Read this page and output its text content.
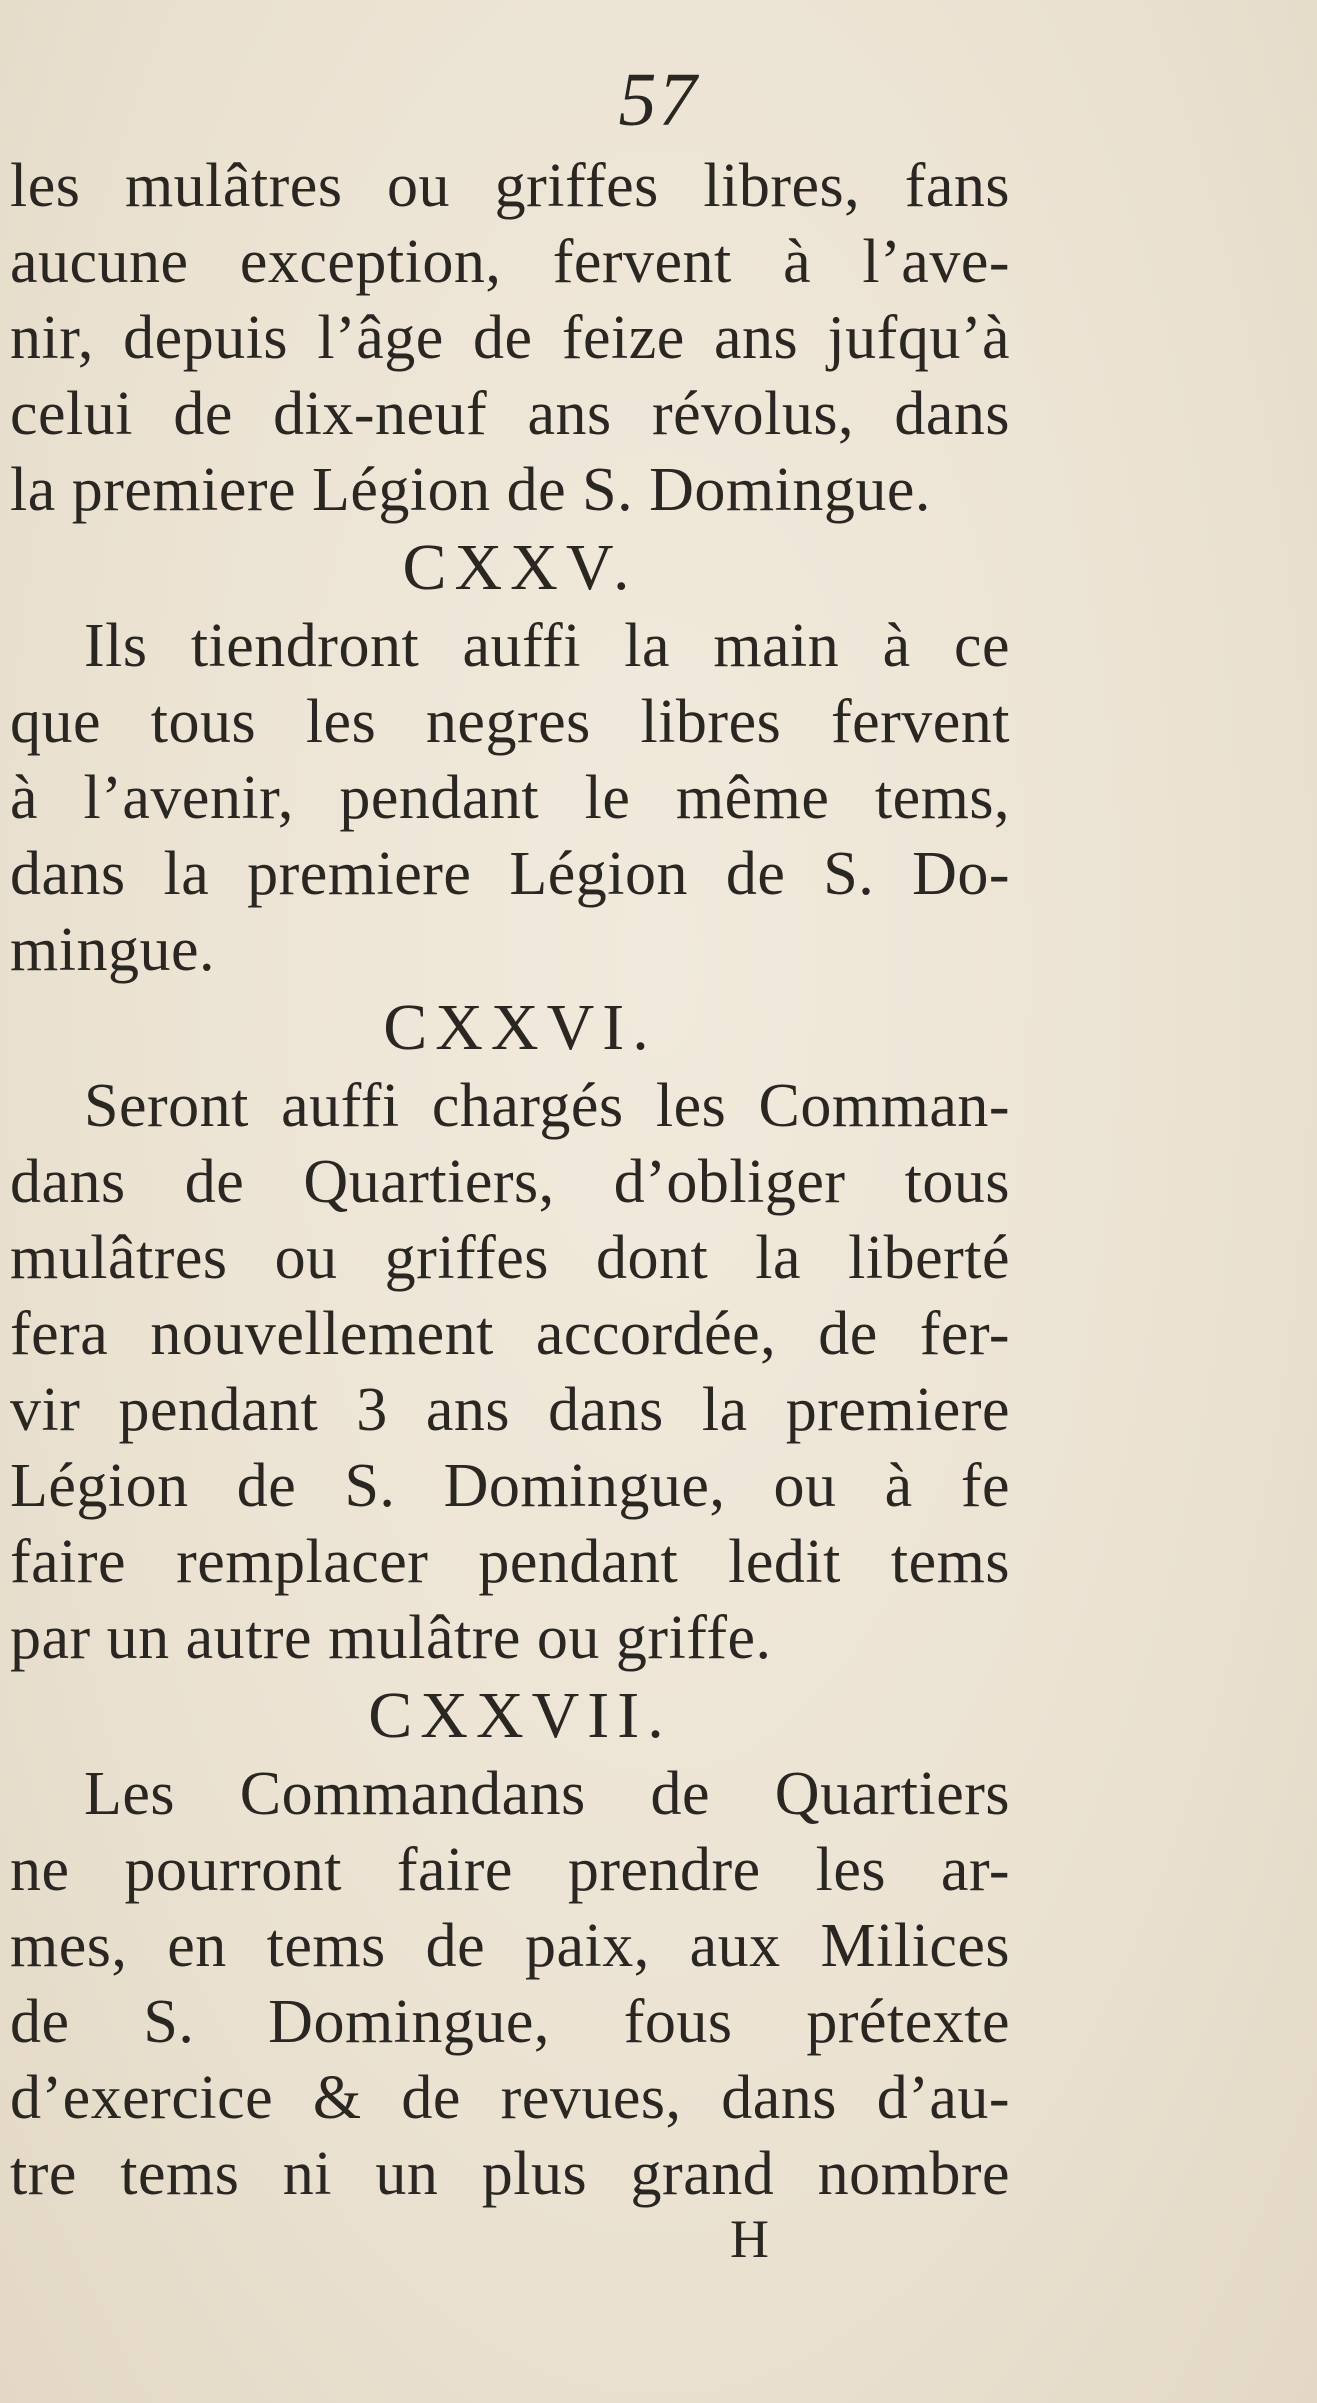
57
les mulâtres ou griffes libres, fans
aucune exception, fervent à l’ave-
nir, depuis l’âge de feize ans jufqu’à
celui de dix-neuf ans révolus, dans
la premiere Légion de S. Domingue.
CXXV.
Ils tiendront auffi la main à ce
que tous les negres libres fervent
à l’avenir, pendant le même tems,
dans la premiere Légion de S. Do-
mingue.
CXXVI.
Seront auffi chargés les Comman-
dans de Quartiers, d’obliger tous
mulâtres ou griffes dont la liberté
fera nouvellement accordée, de fer-
vir pendant 3 ans dans la premiere
Légion de S. Domingue, ou à fe
faire remplacer pendant ledit tems
par un autre mulâtre ou griffe.
CXXVII.
Les Commandans de Quartiers
ne pourront faire prendre les ar-
mes, en tems de paix, aux Milices
de S. Domingue, fous prétexte
d’exercice & de revues, dans d’au-
tre tems ni un plus grand nombre
H
